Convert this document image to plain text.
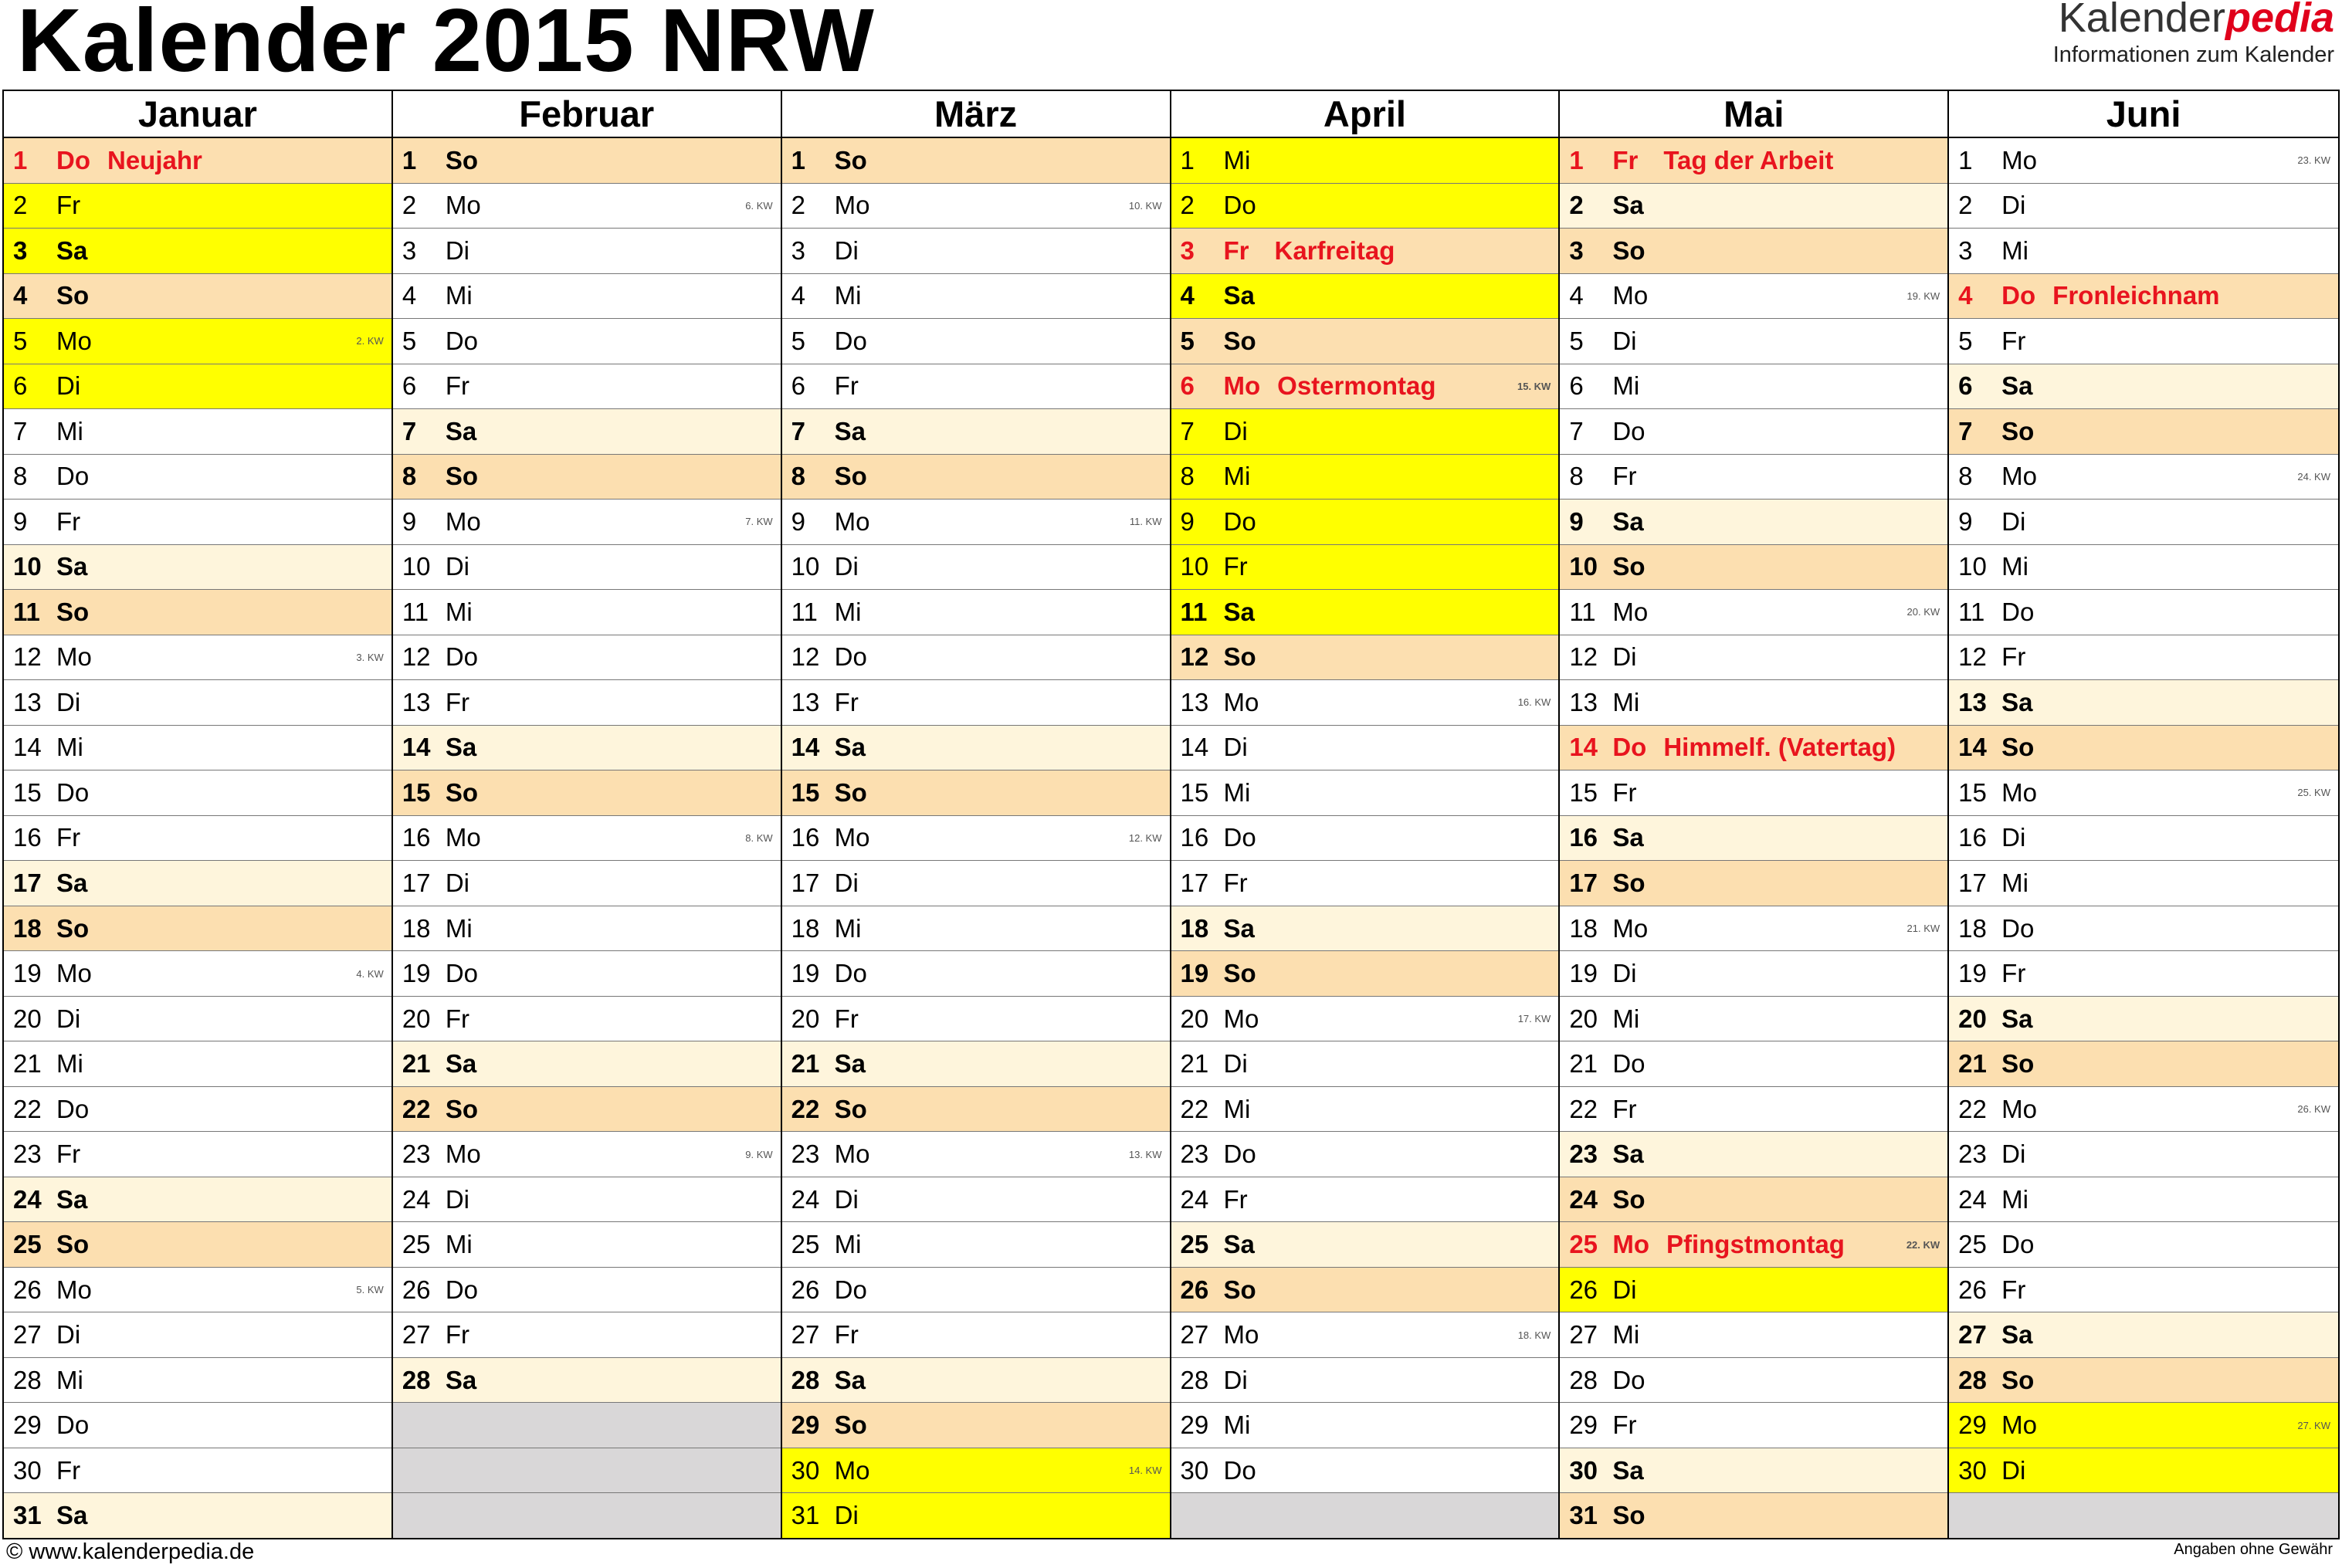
Kalender 2015 NRW	Kalenderpedia
Informationen zum Kalender
Januar
1	Do Neujahr
2	Fr
3	Sa
4	So
5	Mo	2. KW
6	Di
7	Mi
8	Do
9	Fr
10 Sa
11 So
12 Mo	3. KW
13 Di
14 Mi
15 Do
16 Fr
17 Sa
18 So
19 Mo	4. KW
20 Di
21 Mi
22 Do
23 Fr
24 Sa
25 So
26 Mo	5. KW
27 Di
28 Mi
29 Do
30 Fr
31 Sa
Februar
1	So
2	Mo	6. KW
3	Di
4	Mi
5	Do
6	Fr
7	Sa
8	So
9	Mo	7. KW
10 Di
11 Mi
12 Do
13 Fr
14 Sa
15 So
16 Mo	8. KW
17 Di
18 Mi
19 Do
20 Fr
21 Sa
22 So
23 Mo	9. KW
24 Di
25 Mi
26 Do
27 Fr
28 Sa
März
1	So
2	Mo	10. KW
3	Di
4	Mi
5	Do
6	Fr
7	Sa
8	So
9	Mo	11. KW
10 Di
11 Mi
12 Do
13 Fr
14 Sa
15 So
16 Mo	12. KW
17 Di
18 Mi
19 Do
20 Fr
21 Sa
22 So
23 Mo	13. KW
24 Di
25 Mi
26 Do
27 Fr
28 Sa
29 So
30 Mo	14. KW
31 Di
April
1	Mi
2	Do
3	Fr	Karfreitag
4	Sa
5	So
6	Mo Ostermontag	15. KW
7	Di
8	Mi
9	Do
10 Fr
11 Sa
12 So
13 Mo	16. KW
14 Di
15 Mi
16 Do
17 Fr
18 Sa
19 So
20 Mo	17. KW
21 Di
22 Mi
23 Do
24 Fr
25 Sa
26 So
27 Mo	18. KW
28 Di
29 Mi
30 Do
Mai
1	Fr	Tag der Arbeit
2	Sa
3	So
4	Mo	19. KW
5	Di
6	Mi
7	Do
8	Fr
9	Sa
10 So
11 Mo	20. KW
12 Di
13 Mi
14 Do Himmelf. (Vatertag)
15 Fr
16 Sa
17 So
18 Mo	21. KW
19 Di
20 Mi
21 Do
22 Fr
23 Sa
24 So
25 Mo Pfingstmontag	22. KW
26 Di
27 Mi
28 Do
29 Fr
30 Sa
31 So
Juni
1	Mo	23. KW
2	Di
3	Mi
4	Do Fronleichnam
5	Fr
6	Sa
7	So
8	Mo	24. KW
9	Di
10 Mi
11 Do
12 Fr
13 Sa
14 So
15 Mo	25. KW
16 Di
17 Mi
18 Do
19 Fr
20 Sa
21 So
22 Mo	26. KW
23 Di
24 Mi
25 Do
26 Fr
27 Sa
28 So
29 Mo	27. KW
30 Di
© www.kalenderpedia.de	Angaben ohne Gewähr
